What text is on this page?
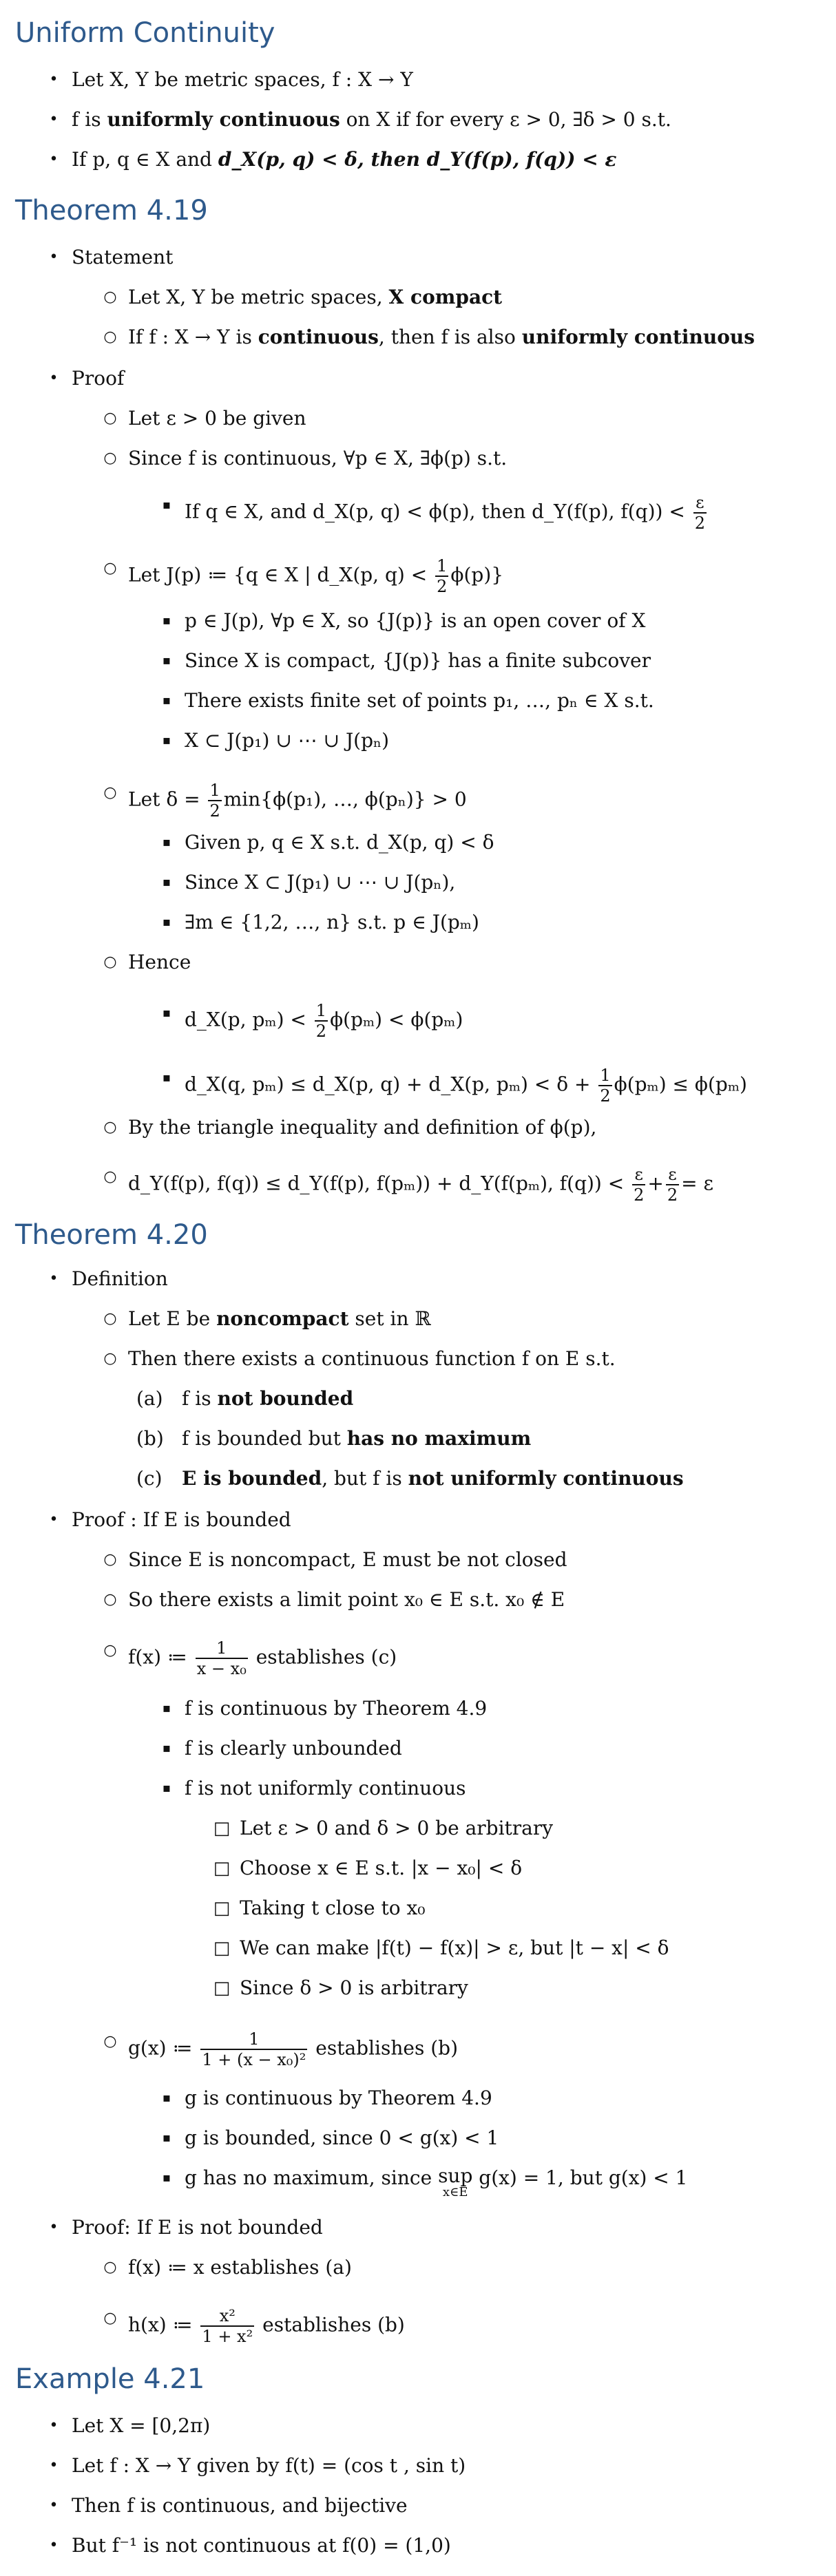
Uniform Continuity
• Let X, Y be metric spaces, f : X → Y
• f is uniformly continuous on X if for every ε > 0, ∃δ > 0 s.t.
• If p, q ∈ X and d_X(p, q) < δ, then d_Y(f(p), f(q)) < ε
Theorem 4.19
• Statement
○ Let X, Y be metric spaces, X compact
○ If f : X → Y is continuous, then f is also uniformly continuous
• Proof
○ Let ε > 0 be given
○ Since f is continuous, ∀p ∈ X, ∃ϕ(p) s.t.
▪ If q ∈ X, and d_X(p, q) < ϕ(p), then d_Y(f(p), $f(q)) < \frac{\varepsilon}{2}$
○ Let J(p) ≔ {q ∈ X | d_X(p, $q) < \frac{1}{2} \phi(p)$}
▪ p ∈ J(p), ∀p ∈ X, so {J(p)} is an open cover of X
▪ Since X is compact, {J(p)} has a finite subcover
▪ There exists finite set of points p₁, …, pₙ ∈ X s.t.
▪ X ⊂ J(p₁) ∪ ⋯ ∪ J(pₙ)
○ Let $\delta = \frac{1}{2} \min\{\phi(p_1)$, …, ϕ(pₙ)} > 0
▪ Given p, q ∈ X s.t. d_X(p, q) < δ
▪ Since X ⊂ J(p₁) ∪ ⋯ ∪ J(pₙ),
▪ ∃m ∈ {1,2, …, n} s.t. p ∈ J(pₘ)
○ Hence
▪ d_X(p, $p_m) < \frac{1}{2} \phi(p_m) < \phi(p_m)$
▪ d_X(q, pₘ) ≤ d_X(p, q) + d_X(p, $p_m) < \delta + \frac{1}{2} \phi(p_m) \le \phi(p_m)$
○ By the triangle inequality and definition of ϕ(p),
○ d_Y(f(p), f(q)) ≤ d_Y(f(p), f(pₘ)) + d_Y(f(pₘ), $f(q)) < \frac{\varepsilon}{2} + \frac{\varepsilon}{2} = \varepsilon$
Theorem 4.20
• Definition
○ Let E be noncompact set in ℝ
○ Then there exists a continuous function f on E s.t.
(a) f is not bounded
(b) f is bounded but has no maximum
(c)	E is bounded, but f is not uniformly continuous
• Proof : If E is bounded
○ Since E is noncompact, E must be not closed
○ So there exists a limit point x₀ ∈ E s.t. x₀ ∉ E
○ f(x) ≔ $\frac{1}{\text{x − x₀}}$ establishes (c)
▪ f is continuous by Theorem 4.9
▪ f is clearly unbounded
▪ f is not uniformly continuous
□ Let ε > 0 and δ > 0 be arbitrary
□ Choose x ∈ E s.t. |x − x₀| < δ
□ Taking t close to x₀
□ We can make |f(t) − f(x)| > ε, but |t − x| < δ
□ Since δ > 0 is arbitrary
○ g(x) ≔ $\frac{1}{\text{1 + (x − x₀)²}}$ establishes (b)
▪ g is continuous by Theorem 4.9
▪ g is bounded, since 0 < g(x) < 1
▪ g has no maximum, since sup
x∈E
g(x) = 1, but g(x) < 1
• Proof: If E is not bounded
○ f(x) ≔ x establishes (a)
○ h(x) ≔ $\frac{\text{x²}}{\text{1 + x²}}$ establishes (b)
Example 4.21
• Let X = [0,2π)
• Let f : X → Y given by f(t) = (cos t , sin t)
• Then f is continuous, and bijective
• But f⁻¹ is not continuous at f(0) = (1,0)
